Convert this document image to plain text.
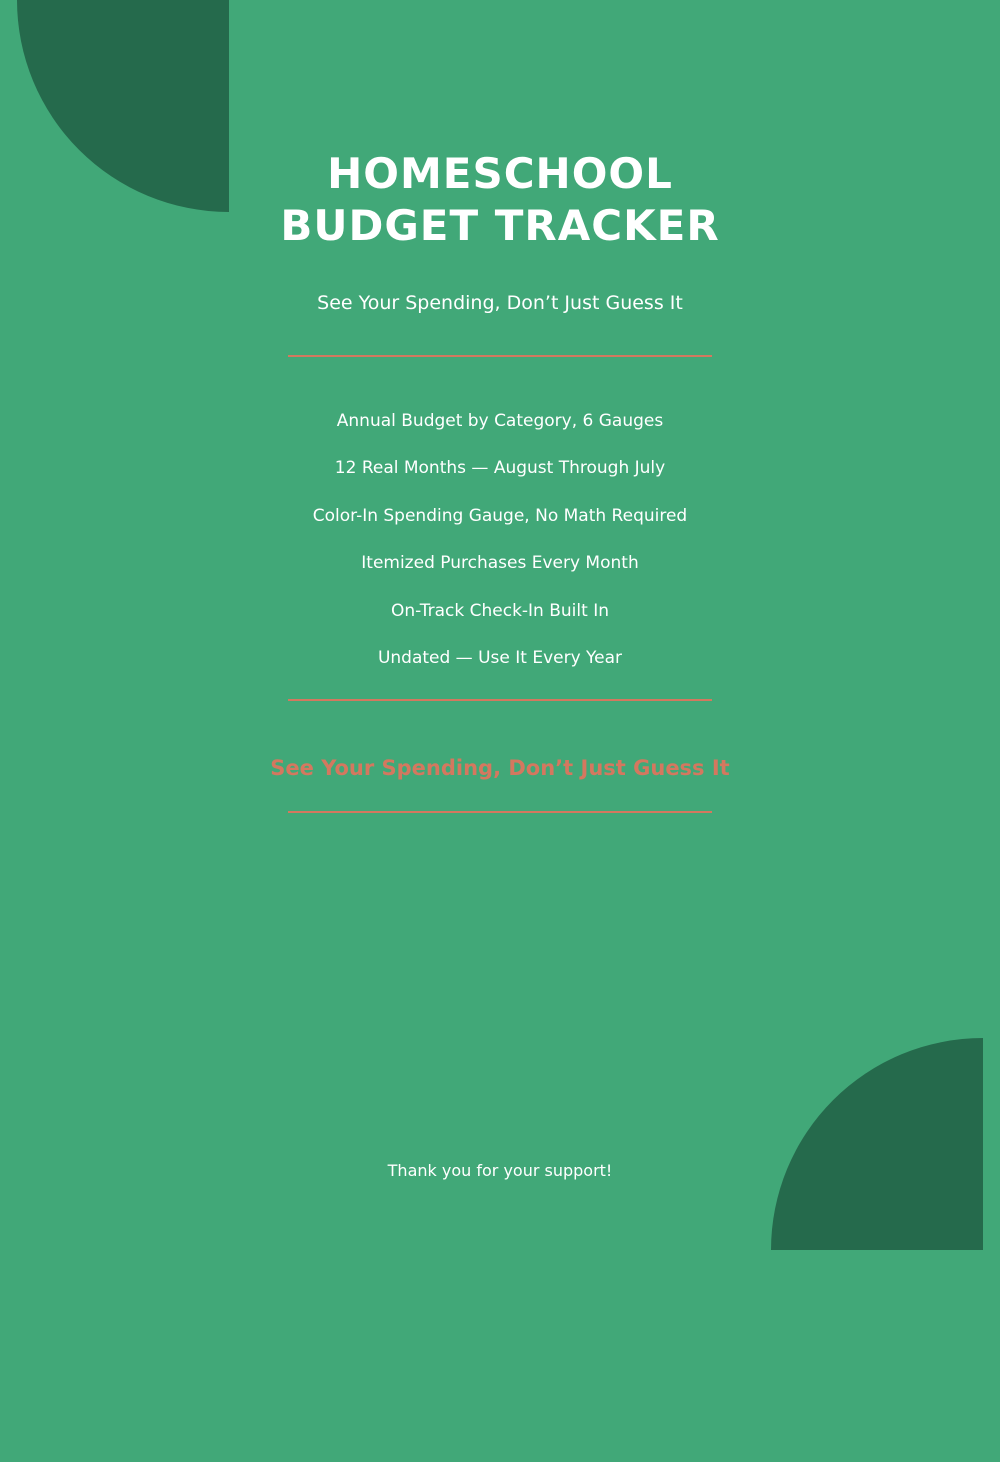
HOMESCHOOL
BUDGET TRACKER
See Your Spending, Don’t Just Guess It
Annual Budget by Category, 6 Gauges
12 Real Months — August Through July
Color-In Spending Gauge, No Math Required
Itemized Purchases Every Month
On-Track Check-In Built In
Undated — Use It Every Year
See Your Spending, Don’t Just Guess It
Thank you for your support!
